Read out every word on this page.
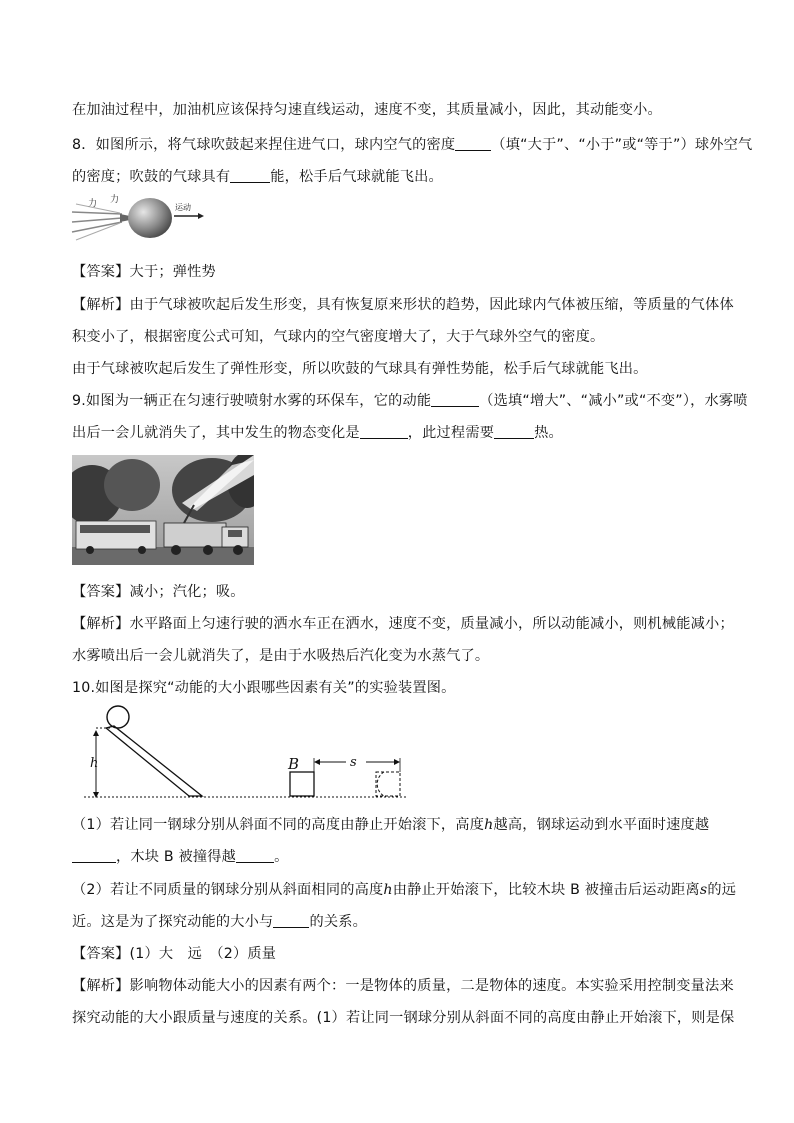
在加油过程中，加油机应该保持匀速直线运动，速度不变，其质量减小，因此，其动能变小。
8．如图所示，将气球吹鼓起来捏住进气口，球内空气的密度	（填“大于”、“小于”或“等于”）球外空气
的密度；吹鼓的气球具有	能，松手后气球就能飞出。
力 力
运动
【答案】大于；弹性势
【解析】由于气球被吹起后发生形变，具有恢复原来形状的趋势，因此球内气体被压缩，等质量的气体体
积变小了，根据密度公式可知，气球内的空气密度增大了，大于气球外空气的密度。
由于气球被吹起后发生了弹性形变，所以吹鼓的气球具有弹性势能，松手后气球就能飞出。
9.如图为一辆正在匀速行驶喷射水雾的环保车，它的动能	（选填“增大”、“减小”或“不变”），水雾喷
出后一会儿就消失了，其中发生的物态变化是	，此过程需要	热。
【答案】减小；汽化；吸。
【解析】水平路面上匀速行驶的洒水车正在洒水，速度不变，质量减小，所以动能减小，则机械能减小；
水雾喷出后一会儿就消失了，是由于水吸热后汽化变为水蒸气了。
10.如图是探究“动能的大小跟哪些因素有关”的实验装置图。
h	B	s
（1）若让同一钢球分别从斜面不同的高度由静止开始滚下，高度h越高，钢球运动到水平面时速度越
，木块 B 被撞得越	。
（2）若让不同质量的钢球分别从斜面相同的高度h由静止开始滚下，比较木块 B 被撞击后运动距离s的远
近。这是为了探究动能的大小与	的关系。
【答案】(1）大　远　（2）质量
【解析】影响物体动能大小的因素有两个：一是物体的质量，二是物体的速度。本实验采用控制变量法来
探究动能的大小跟质量与速度的关系。(1）若让同一钢球分别从斜面不同的高度由静止开始滚下，则是保
